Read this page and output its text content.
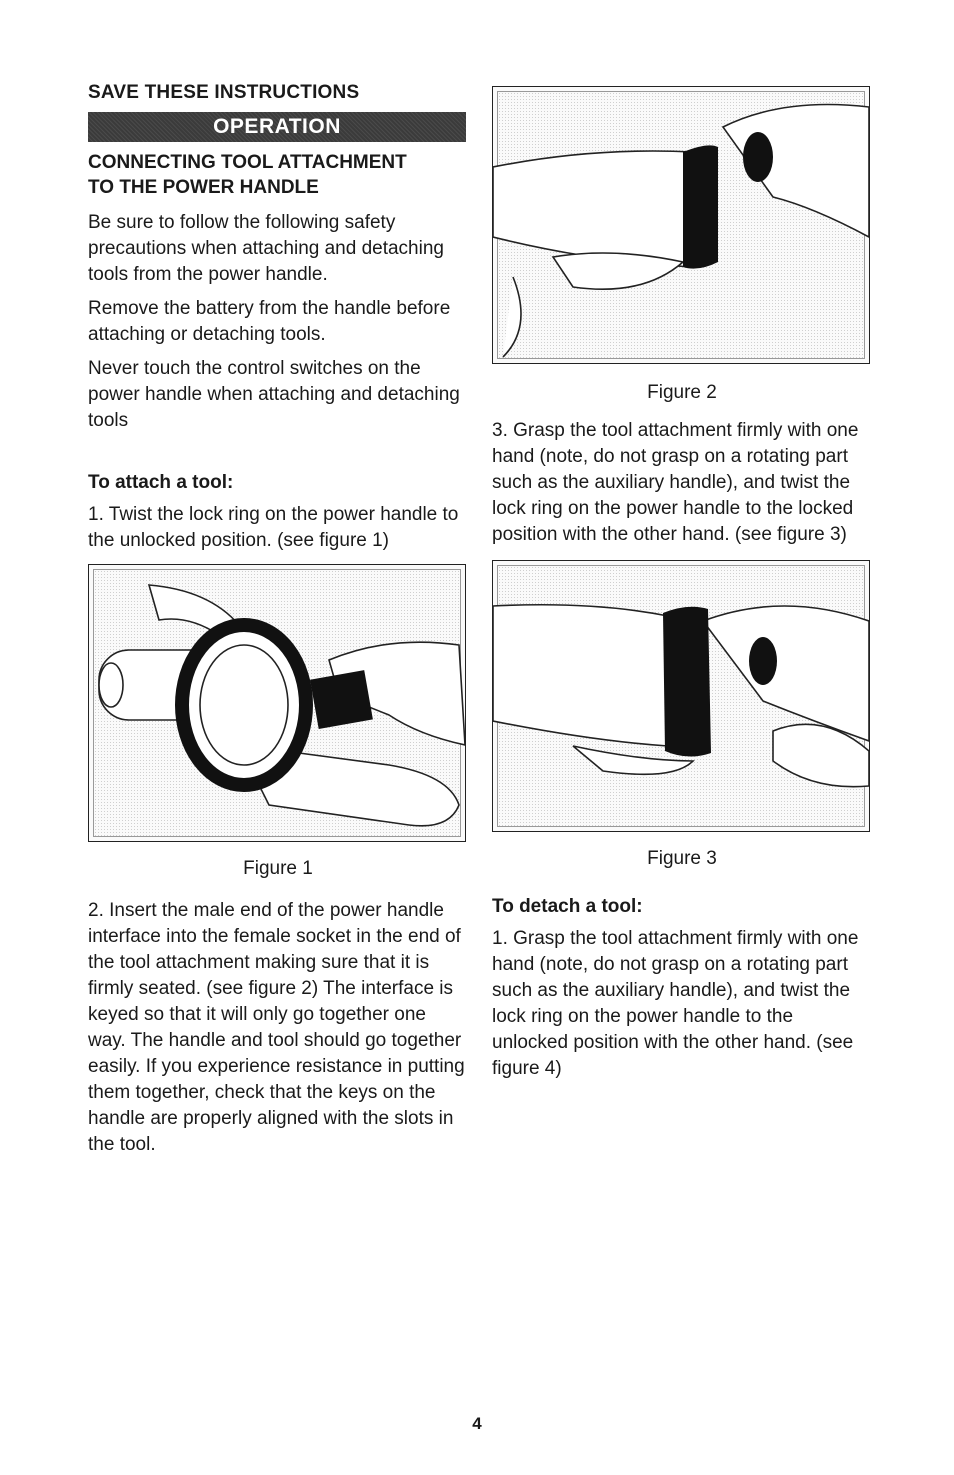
SAVE THESE INSTRUCTIONS
OPERATION
CONNECTING TOOL ATTACHMENT
TO THE POWER HANDLE

Be sure to follow the following safety precautions when attaching and detaching tools from the power handle.

Remove the battery from the handle before attaching or detaching tools.

Never touch the control switches on the power handle when attaching and detaching tools

To attach a tool:

1. Twist the lock ring on the power handle to the unlocked position. (see figure 1)

Figure 1

2. Insert the male end of the power handle interface into the female socket in the end of the tool attachment making sure that it is firmly seated. (see figure 2) The interface is keyed so that it will only go together one way. The handle and tool should go together easily. If you experience resistance in putting them together, check that the keys on the handle are properly aligned with the slots in the tool.

Figure 2

3. Grasp the tool attachment firmly with one hand (note, do not grasp on a rotating part such as the auxiliary handle), and twist the lock ring on the power handle to the locked position with the other hand. (see figure 3)

Figure 3
To detach a tool:

1. Grasp the tool attachment firmly with one hand (note, do not grasp on a rotating part such as the auxiliary handle), and twist the lock ring on the power handle to the unlocked position with the other hand. (see figure 4)

4
